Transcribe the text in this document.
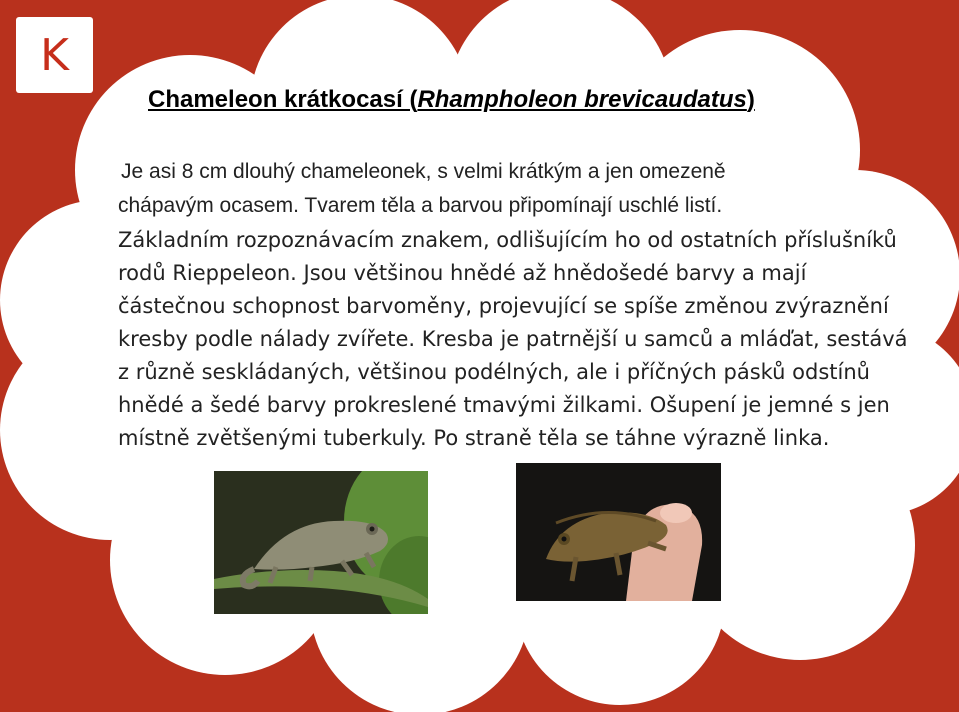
K
Chameleon krátkocasí (Rhampholeon brevicaudatus)
Je asi 8 cm dlouhý chameleonek, s velmi krátkým a jen omezeně
chápavým ocasem. Tvarem těla a barvou připomínají uschlé listí.
Základním rozpoznávacím znakem, odlišujícím ho od ostatních příslušníků
rodů Rieppeleon. Jsou většinou hnědé až hnědošedé barvy a mají
částečnou schopnost barvoměny, projevující se spíše změnou zvýraznění
kresby podle nálady zvířete. Kresba je patrnější u samců a mláďat, sestává
z různě seskládaných, většinou podélných, ale i příčných pásků odstínů
hnědé a šedé barvy prokreslené tmavými žilkami. Ošupení je jemné s jen
místně zvětšenými tuberkuly. Po straně těla se táhne výrazně linka.
